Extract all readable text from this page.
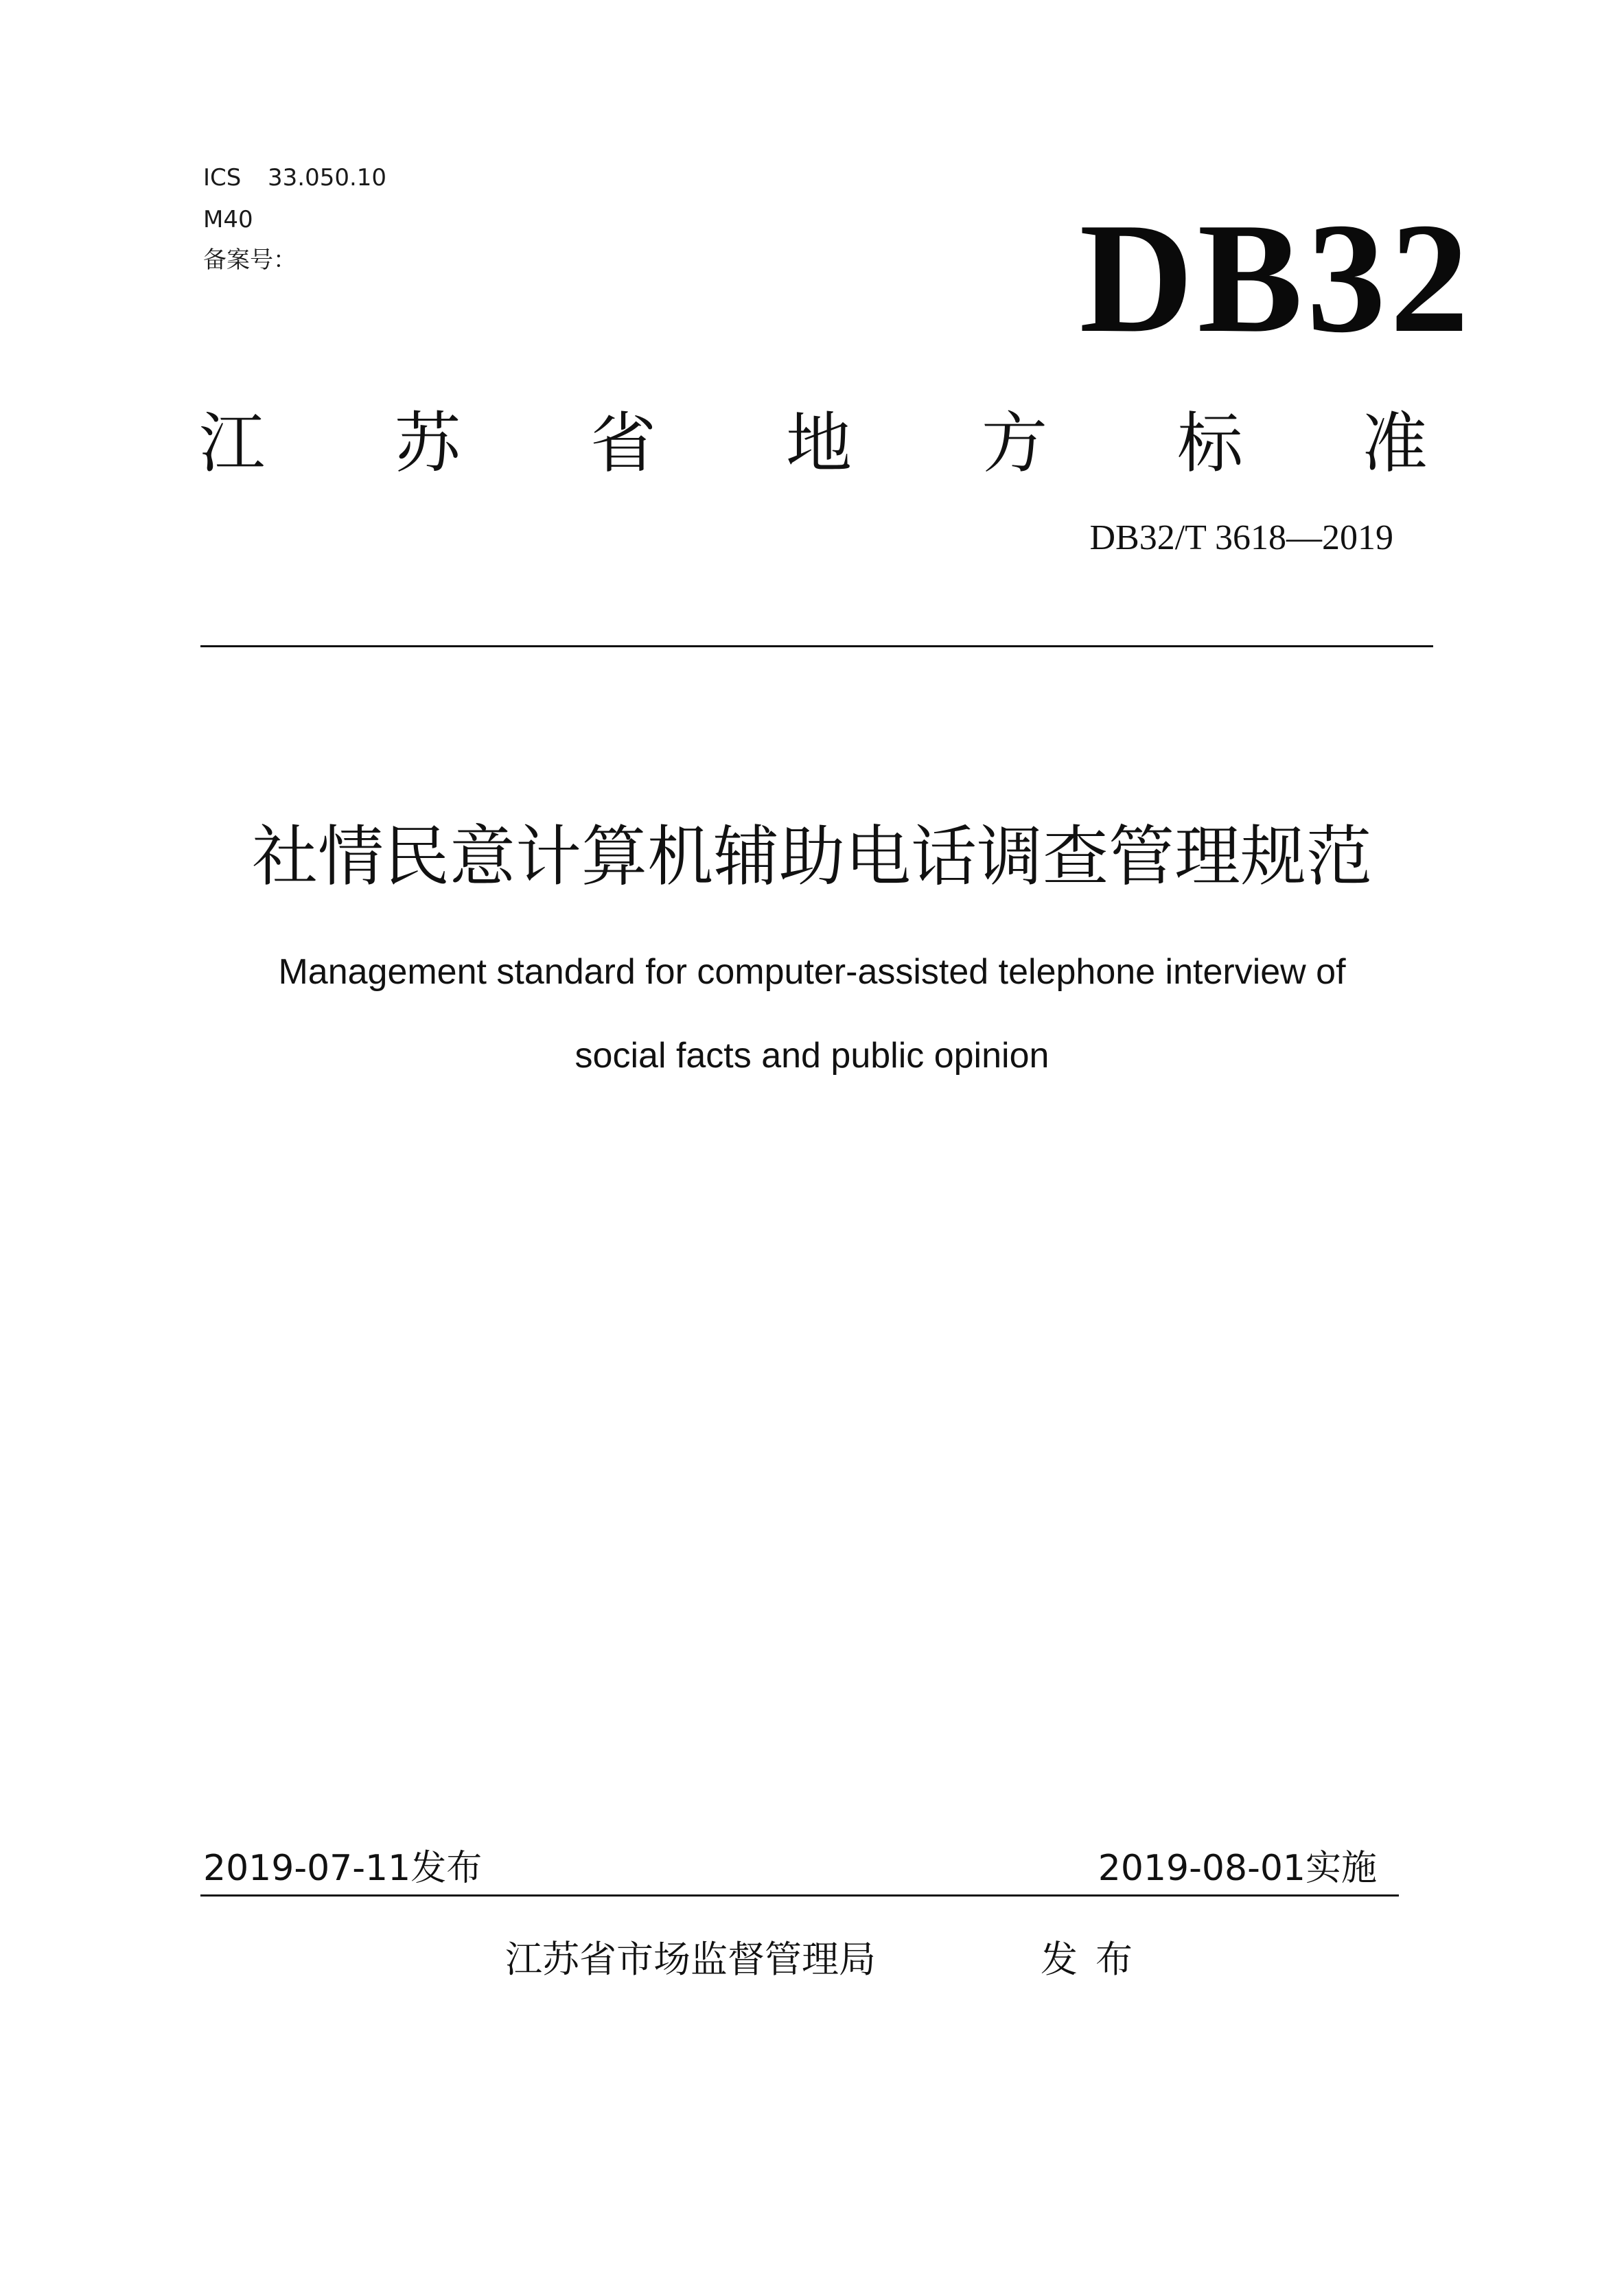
ICS 33.050.10
M40
备案号：	DB32
江 苏 省 地 方 标 准
DB32/T 3618—2019
社情民意计算机辅助电话调查管理规范
Management standard for computer-assisted telephone interview of
social facts and public opinion
2019-07-11发布	2019-08-01实施
江苏省市场监督管理局	发布
